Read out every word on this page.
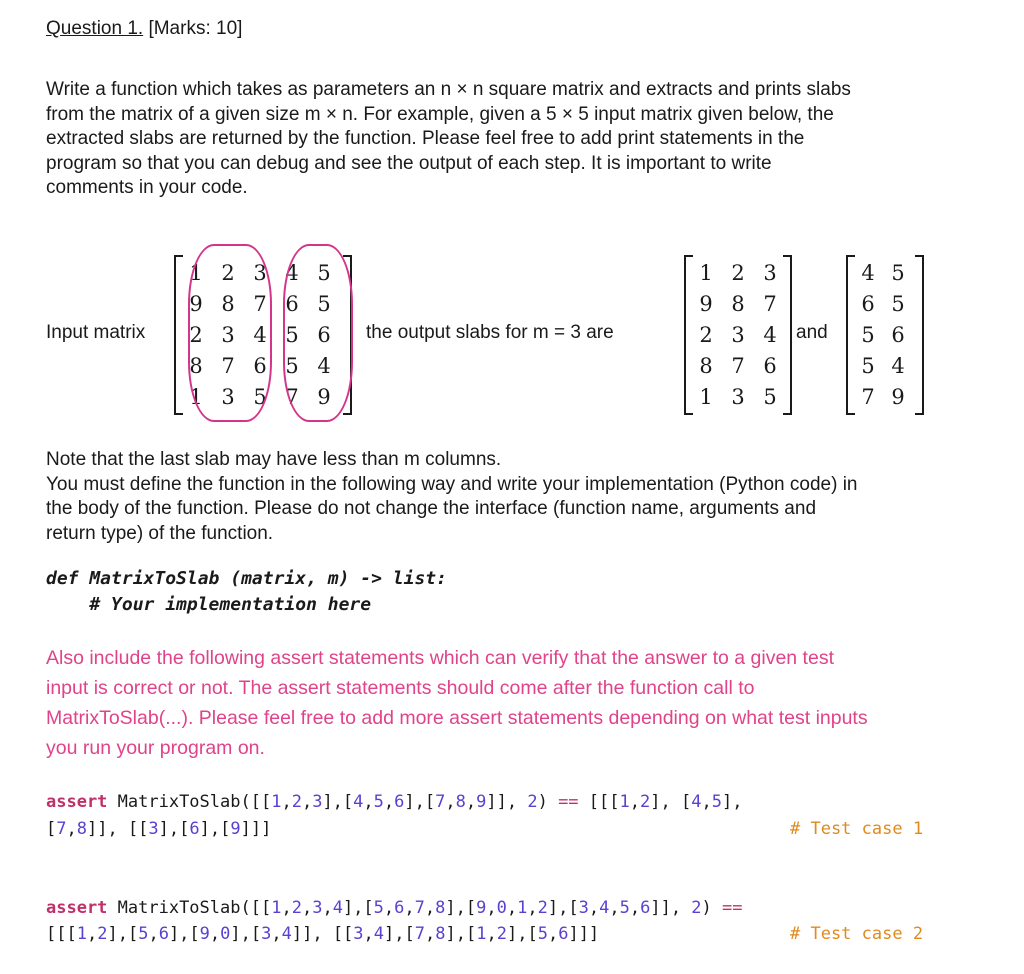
Question 1. [Marks: 10]
Write a function which takes as parameters an n × n square matrix and extracts and prints slabs
from the matrix of a given size m × n. For example, given a 5 × 5 input matrix given below, the
extracted slabs are returned by the function. Please feel free to add print statements in the
program so that you can debug and see the output of each step. It is important to write
comments in your code.
Input matrix
1 2 3 4 5
9 8 7 6 5
2 3 4 5 6
8 7 6 5 4
1 3 5 7 9
the output slabs for m = 3 are
1 2 3
9 8 7
2 3 4
8 7 6
1 3 5
and
4 5
6 5
5 6
5 4
7 9
Note that the last slab may have less than m columns.
You must define the function in the following way and write your implementation (Python code) in
the body of the function. Please do not change the interface (function name, arguments and
return type) of the function.
def MatrixToSlab (matrix, m) -> list:
# Your implementation here
Also include the following assert statements which can verify that the answer to a given test
input is correct or not. The assert statements should come after the function call to
MatrixToSlab(...). Please feel free to add more assert statements depending on what test inputs
you run your program on.
assert MatrixToSlab([[1,2,3],[4,5,6],[7,8,9]], 2) == [[[1,2], [4,5],
[7,8]], [[3],[6],[9]]]	# Test case 1
assert MatrixToSlab([[1,2,3,4],[5,6,7,8],[9,0,1,2],[3,4,5,6]], 2) ==
[[[1,2],[5,6],[9,0],[3,4]], [[3,4],[7,8],[1,2],[5,6]]]	# Test case 2
